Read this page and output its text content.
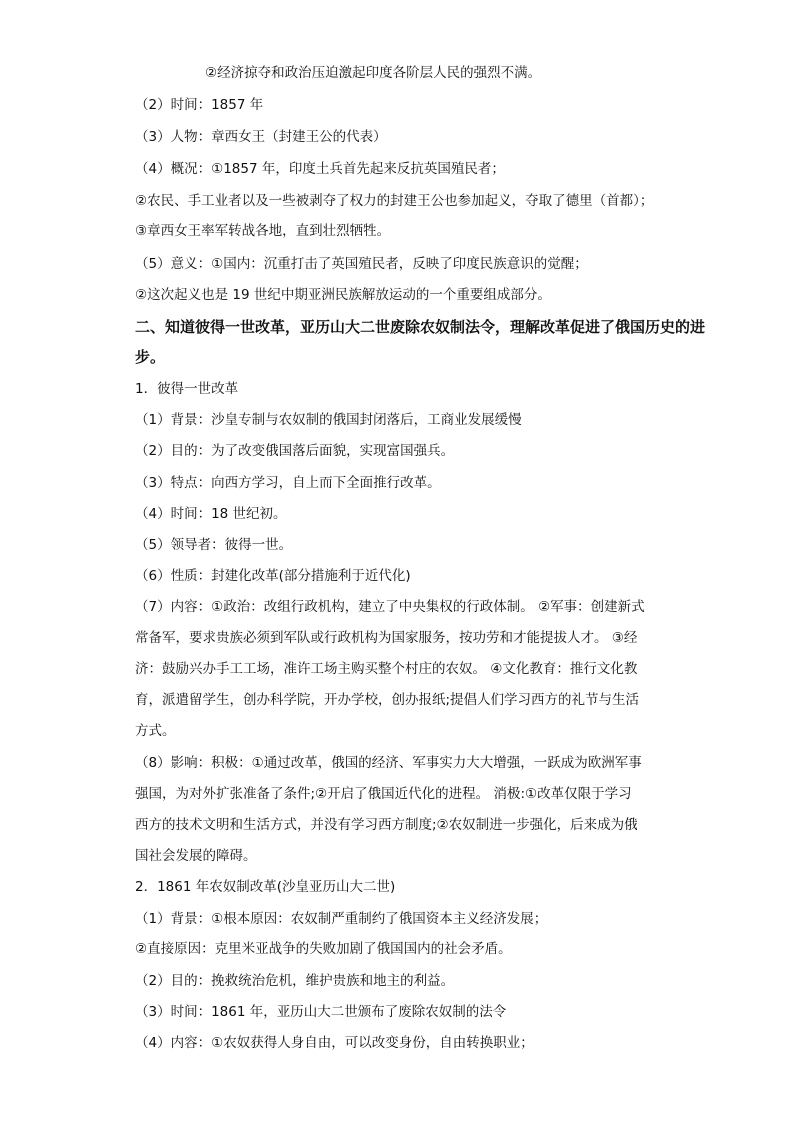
②经济掠夺和政治压迫激起印度各阶层人民的强烈不满。
（2）时间：1857 年
（3）人物：章西女王（封建王公的代表）
（4）概况：①1857 年，印度土兵首先起来反抗英国殖民者；
②农民、手工业者以及一些被剥夺了权力的封建王公也参加起义，夺取了德里（首都）；
③章西女王率军转战各地，直到壮烈牺牲。
（5）意义：①国内：沉重打击了英国殖民者，反映了印度民族意识的觉醒；
②这次起义也是 19 世纪中期亚洲民族解放运动的一个重要组成部分。
二、知道彼得一世改革，亚历山大二世废除农奴制法令，理解改革促进了俄国历史的进
步。
1．彼得一世改革
（1）背景：沙皇专制与农奴制的俄国封闭落后，工商业发展缓慢
（2）目的：为了改变俄国落后面貌，实现富国强兵。
（3）特点：向西方学习，自上而下全面推行改革。
（4）时间：18 世纪初。
（5）领导者：彼得一世。
（6）性质：封建化改革(部分措施利于近代化)
（7）内容：①政治：改组行政机构，建立了中央集权的行政体制。 ②军事：创建新式
常备军，要求贵族必须到军队或行政机构为国家服务，按功劳和才能提拔人才。 ③经
济：鼓励兴办手工工场，准许工场主购买整个村庄的农奴。 ④文化教育：推行文化教
育，派遣留学生，创办科学院，开办学校，创办报纸;提倡人们学习西方的礼节与生活
方式。
（8）影响：积极：①通过改革，俄国的经济、军事实力大大增强，一跃成为欧洲军事
强国，为对外扩张准备了条件;②开启了俄国近代化的进程。 消极:①改革仅限于学习
西方的技术文明和生活方式，并没有学习西方制度;②农奴制进一步强化，后来成为俄
国社会发展的障碍。
2．1861 年农奴制改革(沙皇亚历山大二世)
（1）背景：①根本原因：农奴制严重制约了俄国资本主义经济发展；
②直接原因：克里米亚战争的失败加剧了俄国国内的社会矛盾。
（2）目的：挽救统治危机，维护贵族和地主的利益。
（3）时间：1861 年，亚历山大二世颁布了废除农奴制的法令
（4）内容：①农奴获得人身自由，可以改变身份，自由转换职业；
